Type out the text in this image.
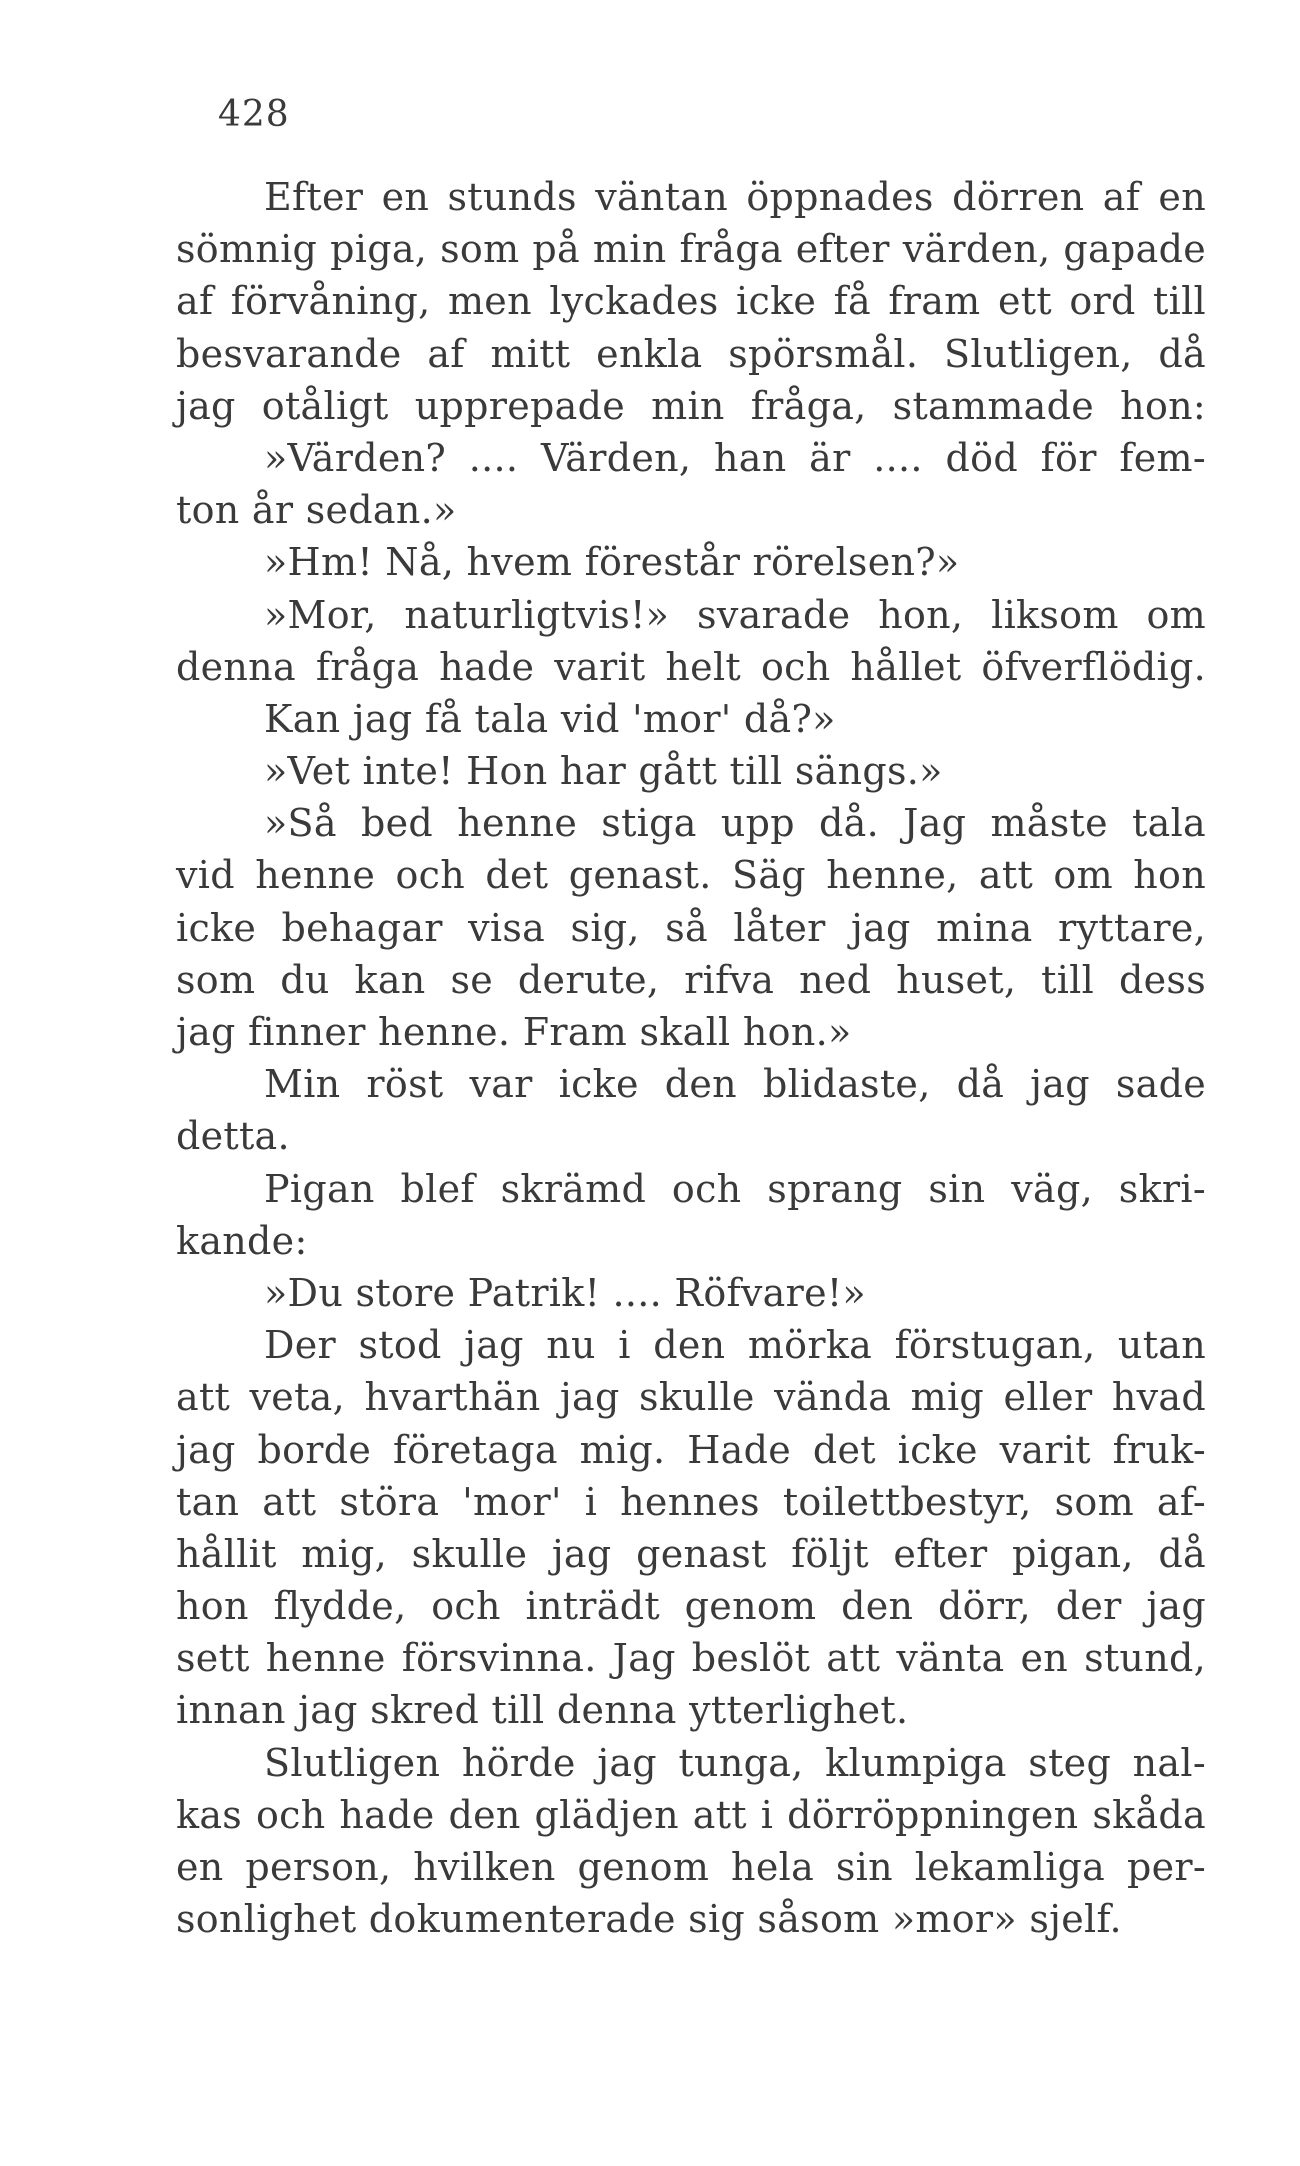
428
Efter en stunds väntan öppnades dörren af en
sömnig piga, som på min fråga efter värden, gapade
af förvåning, men lyckades icke få fram ett ord till
besvarande af mitt enkla spörsmål. Slutligen, då
jag otåligt upprepade min fråga, stammade hon:
»Värden? .... Värden, han är .... död för fem-
ton år sedan.»
»Hm! Nå, hvem förestår rörelsen?»
»Mor, naturligtvis!» svarade hon, liksom om
denna fråga hade varit helt och hållet öfverflödig.
Kan jag få tala vid 'mor' då?»
»Vet inte! Hon har gått till sängs.»
»Så bed henne stiga upp då. Jag måste tala
vid henne och det genast. Säg henne, att om hon
icke behagar visa sig, så låter jag mina ryttare,
som du kan se derute, rifva ned huset, till dess
jag finner henne. Fram skall hon.»
Min röst var icke den blidaste, då jag sade
detta.
Pigan blef skrämd och sprang sin väg, skri-
kande:
»Du store Patrik! .... Röfvare!»
Der stod jag nu i den mörka förstugan, utan
att veta, hvarthän jag skulle vända mig eller hvad
jag borde företaga mig. Hade det icke varit fruk-
tan att störa 'mor' i hennes toilettbestyr, som af-
hållit mig, skulle jag genast följt efter pigan, då
hon flydde, och inträdt genom den dörr, der jag
sett henne försvinna. Jag beslöt att vänta en stund,
innan jag skred till denna ytterlighet.
Slutligen hörde jag tunga, klumpiga steg nal-
kas och hade den glädjen att i dörröppningen skåda
en person, hvilken genom hela sin lekamliga per-
sonlighet dokumenterade sig såsom »mor» sjelf.
